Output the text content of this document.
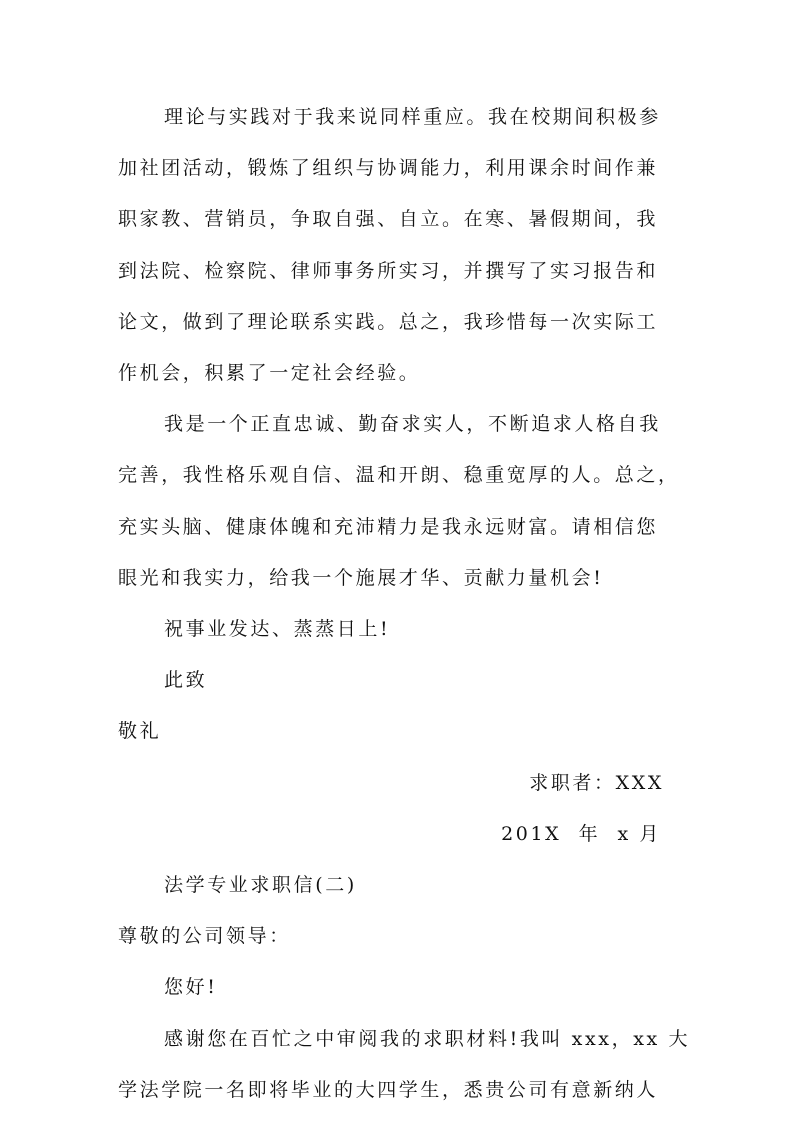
理论与实践对于我来说同样重应。我在校期间积极参
加社团活动，锻炼了组织与协调能力，利用课余时间作兼
职家教、营销员，争取自强、自立。在寒、暑假期间，我
到法院、检察院、律师事务所实习，并撰写了实习报告和
论文，做到了理论联系实践。总之，我珍惜每一次实际工
作机会，积累了一定社会经验。
我是一个正直忠诚、勤奋求实人，不断追求人格自我
完善，我性格乐观自信、温和开朗、稳重宽厚的人。总之，
充实头脑、健康体魄和充沛精力是我永远财富。请相信您
眼光和我实力，给我一个施展才华、贡献力量机会!
祝事业发达、蒸蒸日上!
此致
敬礼
求职者：XXX
201X  年  x 月
法学专业求职信(二)
尊敬的公司领导：
您好!
感谢您在百忙之中审阅我的求职材料!我叫 xxx，xx 大
学法学院一名即将毕业的大四学生，悉贵公司有意新纳人
